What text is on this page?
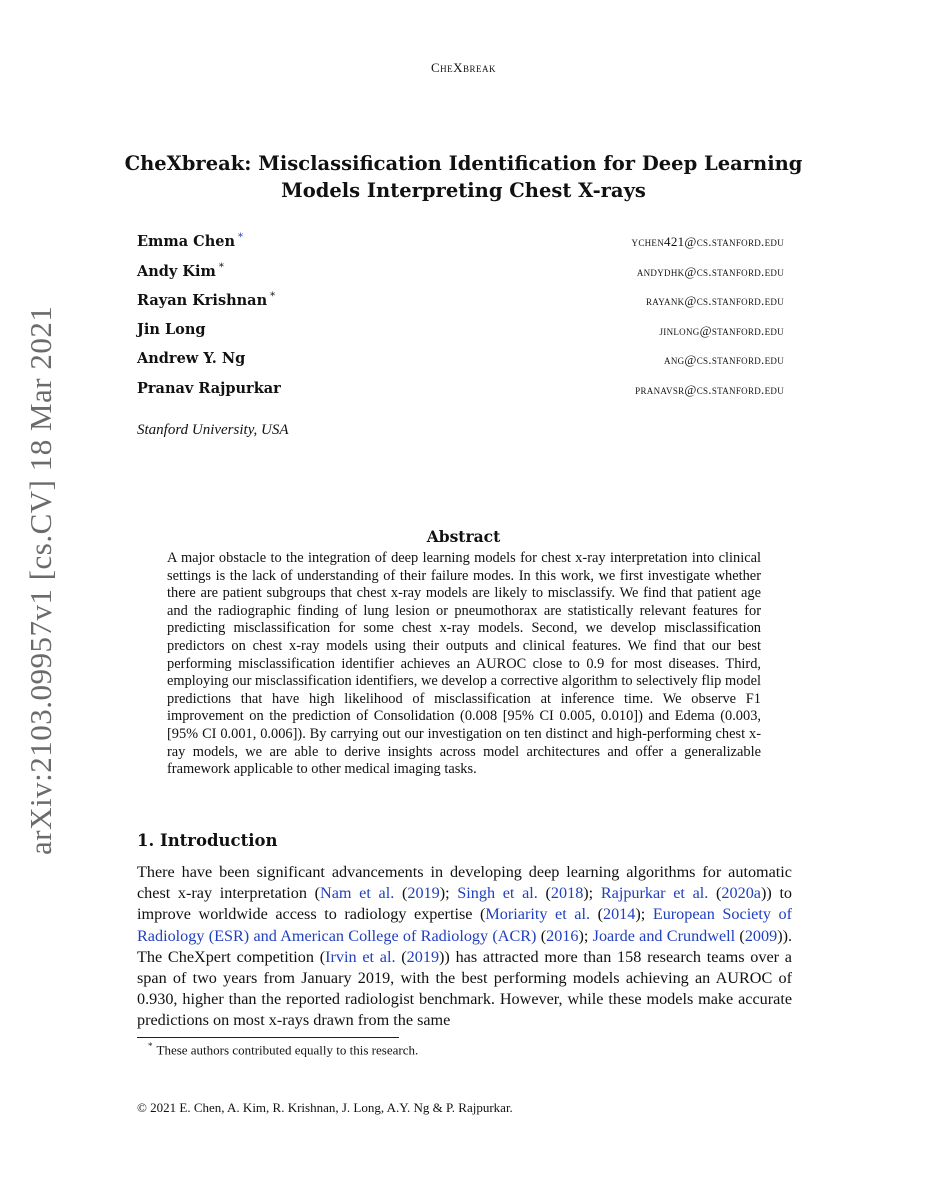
CheXbreak
arXiv:2103.09957v1 [cs.CV] 18 Mar 2021
CheXbreak: Misclassification Identification for Deep Learning Models Interpreting Chest X-rays
Emma Chen *	ychen421@cs.stanford.edu
Andy Kim *	andydhk@cs.stanford.edu
Rayan Krishnan *	rayank@cs.stanford.edu
Jin Long	jinlong@stanford.edu
Andrew Y. Ng	ang@cs.stanford.edu
Pranav Rajpurkar	pranavsr@cs.stanford.edu
Stanford University, USA
Abstract
A major obstacle to the integration of deep learning models for chest x-ray interpretation into clinical settings is the lack of understanding of their failure modes. In this work, we first investigate whether there are patient subgroups that chest x-ray models are likely to misclassify. We find that patient age and the radiographic finding of lung lesion or pneumothorax are statistically relevant features for predicting misclassification for some chest x-ray models. Second, we develop misclassification predictors on chest x-ray models using their outputs and clinical features. We find that our best performing misclassification identifier achieves an AUROC close to 0.9 for most diseases. Third, employing our misclassification identifiers, we develop a corrective algorithm to selectively flip model predictions that have high likelihood of misclassification at inference time. We observe F1 improvement on the prediction of Consolidation (0.008 [95% CI 0.005, 0.010]) and Edema (0.003, [95% CI 0.001, 0.006]). By carrying out our investigation on ten distinct and high-performing chest x-ray models, we are able to derive insights across model architectures and offer a generalizable framework applicable to other medical imaging tasks.
1. Introduction
There have been significant advancements in developing deep learning algorithms for automatic chest x-ray interpretation (Nam et al. (2019); Singh et al. (2018); Rajpurkar et al. (2020a)) to improve worldwide access to radiology expertise (Moriarity et al. (2014); European Society of Radiology (ESR) and American College of Radiology (ACR) (2016); Joarde and Crundwell (2009)). The CheXpert competition (Irvin et al. (2019)) has attracted more than 158 research teams over a span of two years from January 2019, with the best performing models achieving an AUROC of 0.930, higher than the reported radiologist benchmark. However, while these models make accurate predictions on most x-rays drawn from the same
* These authors contributed equally to this research.
© 2021 E. Chen, A. Kim, R. Krishnan, J. Long, A.Y. Ng & P. Rajpurkar.
